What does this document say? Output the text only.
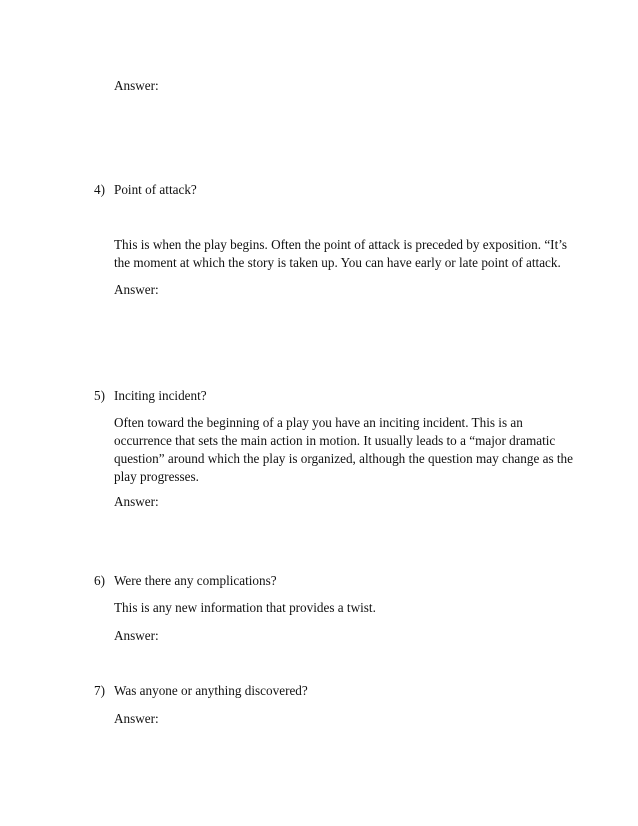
Answer:
4) Point of attack?
This is when the play begins. Often the point of attack is preceded by exposition. “It’s
the moment at which the story is taken up. You can have early or late point of attack.
Answer:
5) Inciting incident?
Often toward the beginning of a play you have an inciting incident. This is an
occurrence that sets the main action in motion. It usually leads to a “major dramatic
question” around which the play is organized, although the question may change as the
play progresses.
Answer:
6) Were there any complications?
This is any new information that provides a twist.
Answer:
7) Was anyone or anything discovered?
Answer:
